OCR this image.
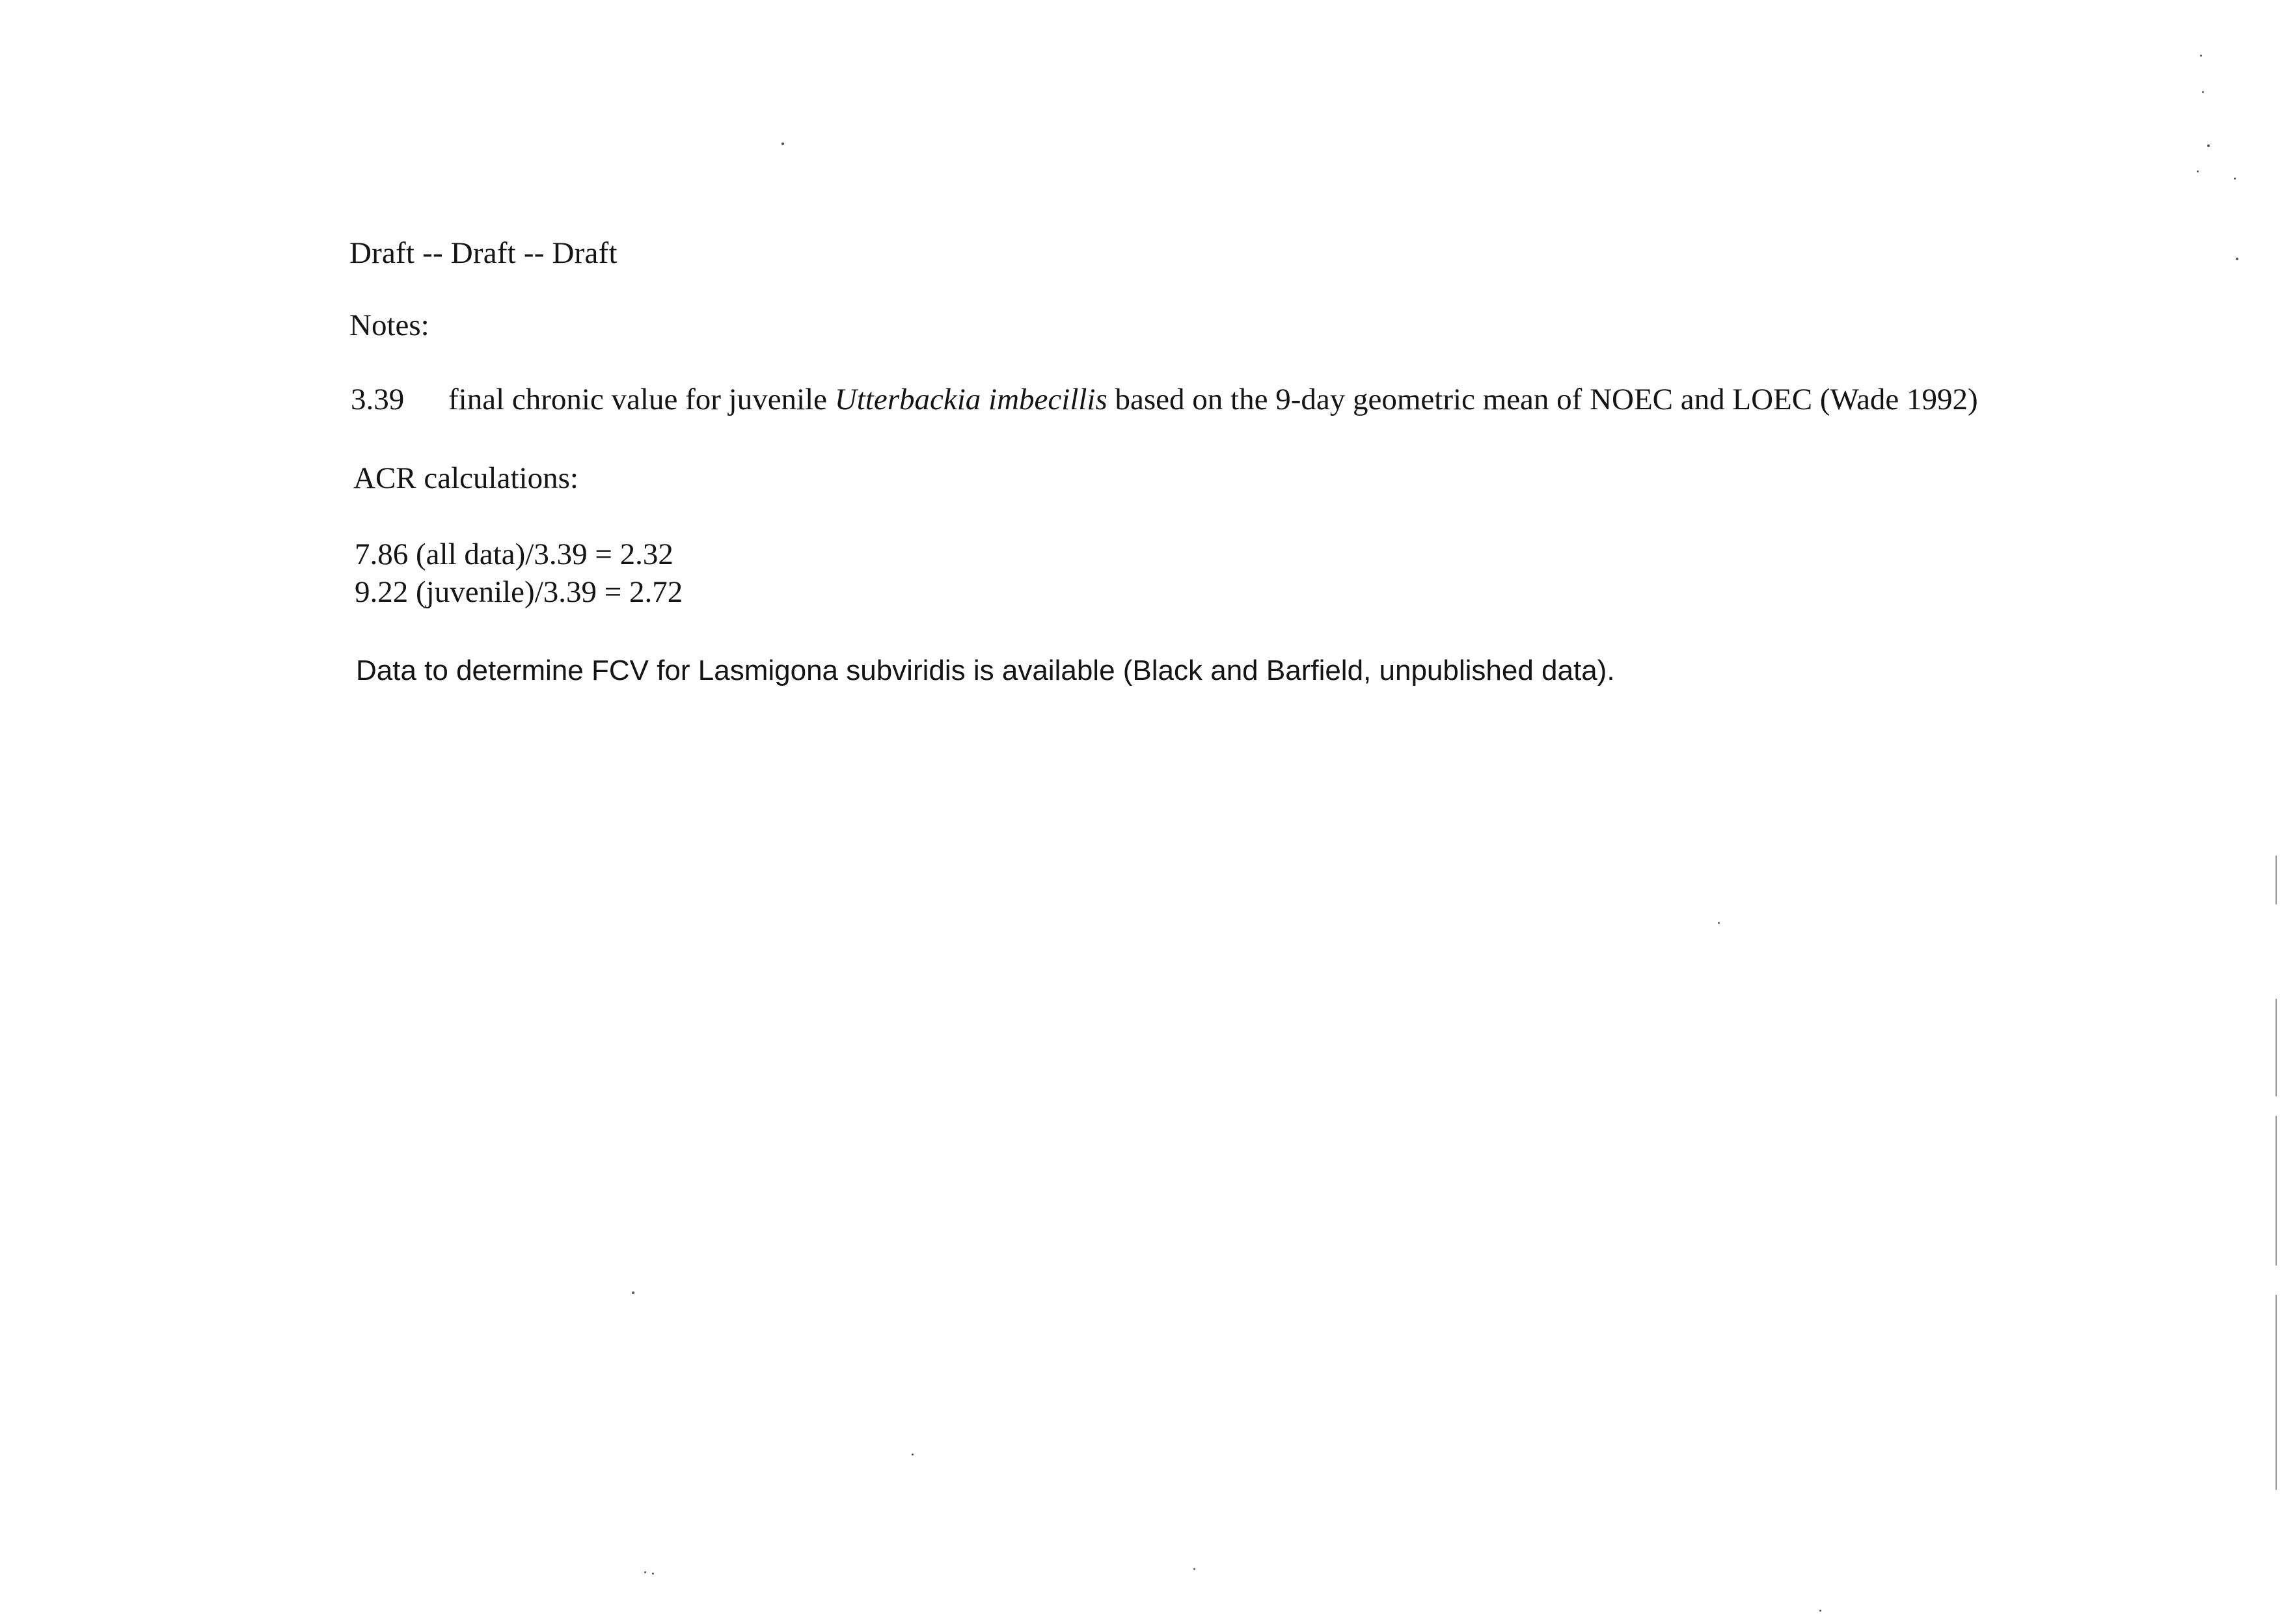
Draft -- Draft -- Draft
Notes:
3.39 final chronic value for juvenile Utterbackia imbecillis based on the 9-day geometric mean of NOEC and LOEC (Wade 1992)
ACR calculations:
7.86 (all data)/3.39 = 2.32
9.22 (juvenile)/3.39 = 2.72
Data to determine FCV for Lasmigona subviridis is available (Black and Barfield, unpublished data).
